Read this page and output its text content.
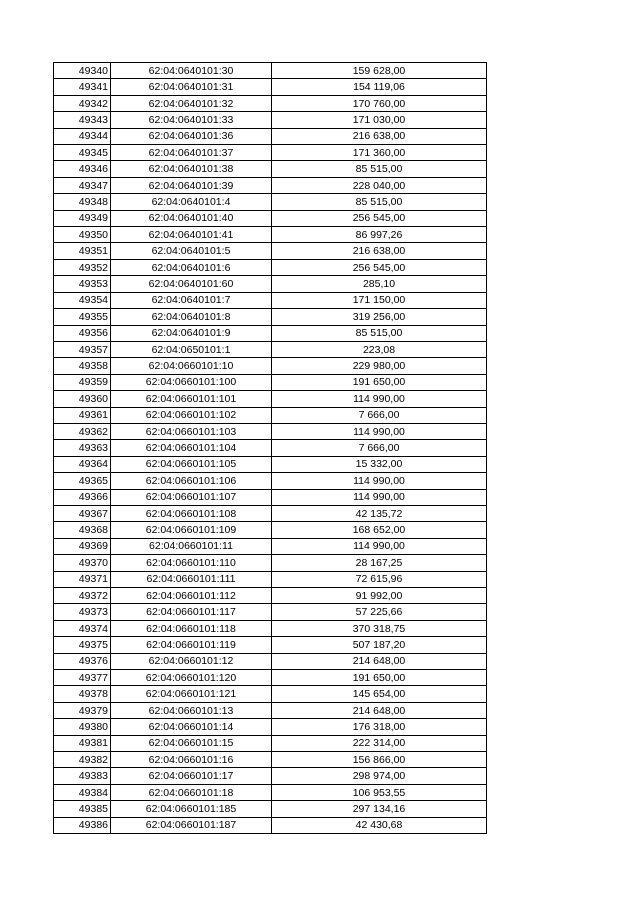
49340	62:04:0640101:30	159 628,00
49341	62:04:0640101:31	154 119,06
49342	62:04:0640101:32	170 760,00
49343	62:04:0640101:33	171 030,00
49344	62:04:0640101:36	216 638,00
49345	62:04:0640101:37	171 360,00
49346	62:04:0640101:38	85 515,00
49347	62:04:0640101:39	228 040,00
49348	62:04:0640101:4	85 515,00
49349	62:04:0640101:40	256 545,00
49350	62:04:0640101:41	86 997,26
49351	62:04:0640101:5	216 638,00
49352	62:04:0640101:6	256 545,00
49353	62:04:0640101:60	285,10
49354	62:04:0640101:7	171 150,00
49355	62:04:0640101:8	319 256,00
49356	62:04:0640101:9	85 515,00
49357	62:04:0650101:1	223,08
49358	62:04:0660101:10	229 980,00
49359	62:04:0660101:100	191 650,00
49360	62:04:0660101:101	114 990,00
49361	62:04:0660101:102	7 666,00
49362	62:04:0660101:103	114 990,00
49363	62:04:0660101:104	7 666,00
49364	62:04:0660101:105	15 332,00
49365	62:04:0660101:106	114 990,00
49366	62:04:0660101:107	114 990,00
49367	62:04:0660101:108	42 135,72
49368	62:04:0660101:109	168 652,00
49369	62:04:0660101:11	114 990,00
49370	62:04:0660101:110	28 167,25
49371	62:04:0660101:111	72 615,96
49372	62:04:0660101:112	91 992,00
49373	62:04:0660101:117	57 225,66
49374	62:04:0660101:118	370 318,75
49375	62:04:0660101:119	507 187,20
49376	62:04:0660101:12	214 648,00
49377	62:04:0660101:120	191 650,00
49378	62:04:0660101:121	145 654,00
49379	62:04:0660101:13	214 648,00
49380	62:04:0660101:14	176 318,00
49381	62:04:0660101:15	222 314,00
49382	62:04:0660101:16	156 866,00
49383	62:04:0660101:17	298 974,00
49384	62:04:0660101:18	106 953,55
49385	62:04:0660101:185	297 134,16
49386	62:04:0660101:187	42 430,68
